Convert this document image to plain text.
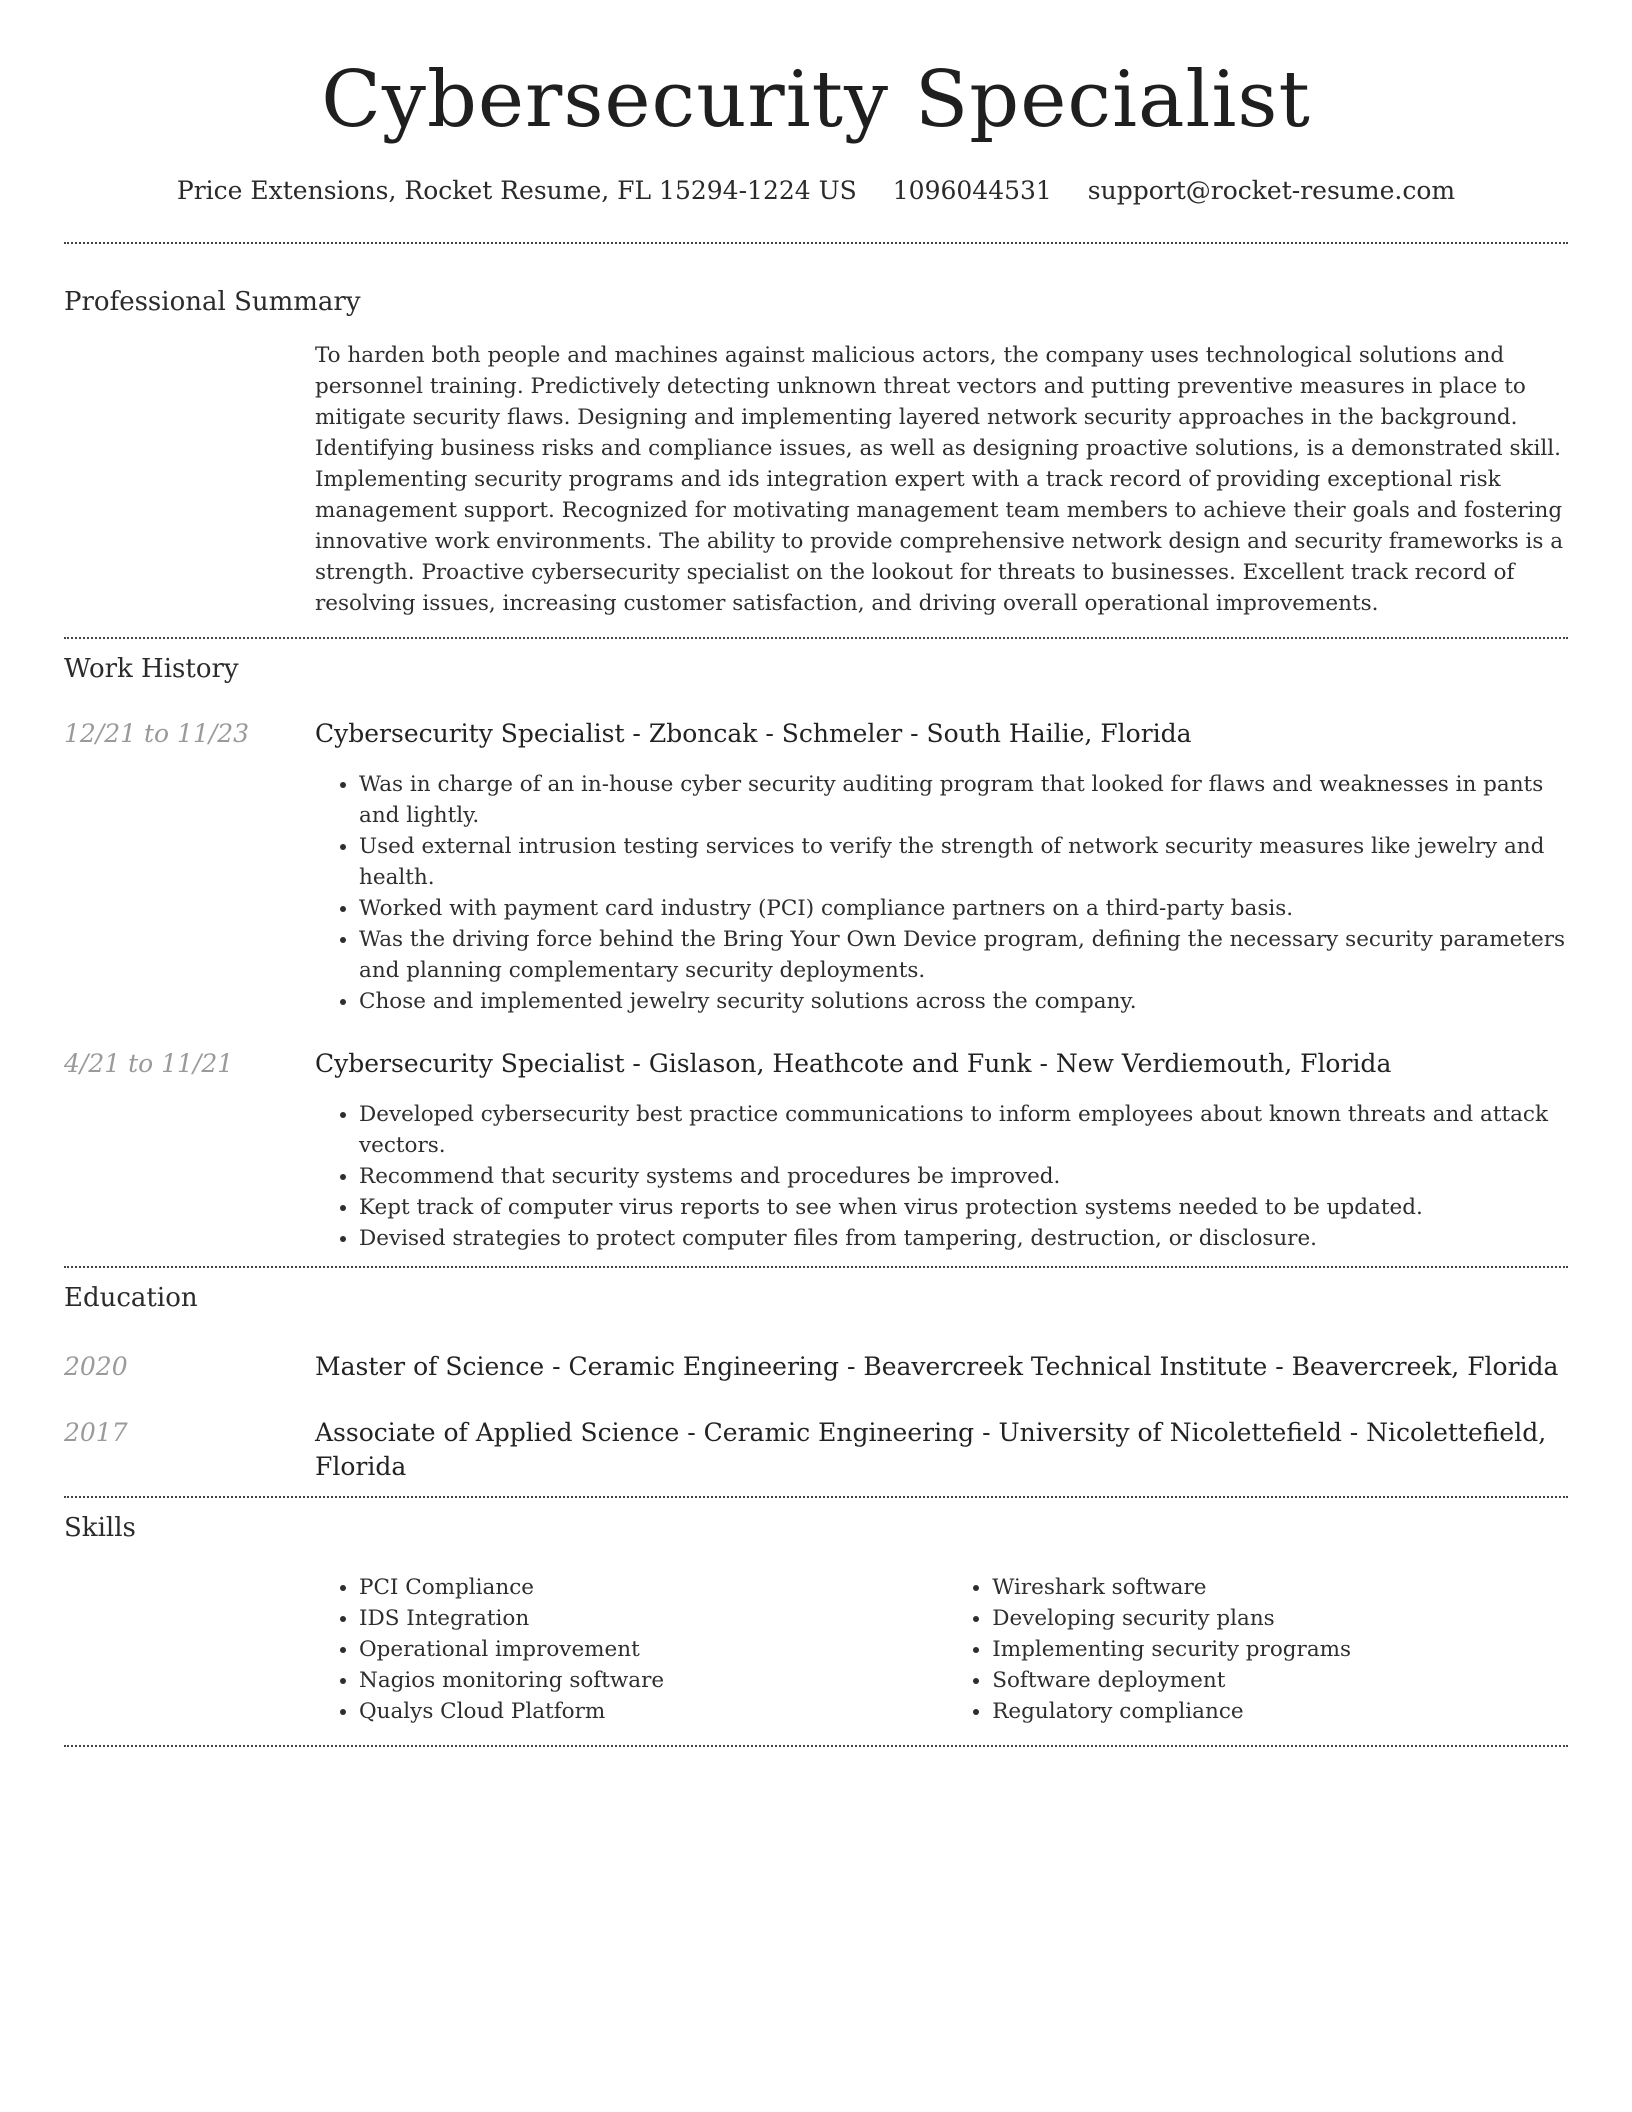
Cybersecurity Specialist
Price Extensions, Rocket Resume, FL 15294-1224 US 1096044531 support@rocket-resume.com
Professional Summary

To harden both people and machines against malicious actors, the company uses technological solutions and personnel training. Predictively detecting unknown threat vectors and putting preventive measures in place to mitigate security flaws. Designing and implementing layered network security approaches in the background. Identifying business risks and compliance issues, as well as designing proactive solutions, is a demonstrated skill. Implementing security programs and ids integration expert with a track record of providing exceptional risk management support. Recognized for motivating management team members to achieve their goals and fostering innovative work environments. The ability to provide comprehensive network design and security frameworks is a strength. Proactive cybersecurity specialist on the lookout for threats to businesses. Excellent track record of resolving issues, increasing customer satisfaction, and driving overall operational improvements.

Work History
12/21 to 11/23	Cybersecurity Specialist - Zboncak - Schmeler - South Hailie, Florida
• Was in charge of an in-house cyber security auditing program that looked for flaws and weaknesses in pants and lightly.
• Used external intrusion testing services to verify the strength of network security measures like jewelry and health.
• Worked with payment card industry (PCI) compliance partners on a third-party basis.
• Was the driving force behind the Bring Your Own Device program, defining the necessary security parameters and planning complementary security deployments.
• Chose and implemented jewelry security solutions across the company.
4/21 to 11/21	Cybersecurity Specialist - Gislason, Heathcote and Funk - New Verdiemouth, Florida
• Developed cybersecurity best practice communications to inform employees about known threats and attack vectors.
• Recommend that security systems and procedures be improved.
• Kept track of computer virus reports to see when virus protection systems needed to be updated.
• Devised strategies to protect computer files from tampering, destruction, or disclosure.
Education
2020	Master of Science - Ceramic Engineering - Beavercreek Technical Institute - Beavercreek, Florida
2017	Associate of Applied Science - Ceramic Engineering - University of Nicolettefield - Nicolettefield, Florida
Skills
• PCI Compliance
• IDS Integration
• Operational improvement
• Nagios monitoring software
• Qualys Cloud Platform
• Wireshark software
• Developing security plans
• Implementing security programs
• Software deployment
• Regulatory compliance
